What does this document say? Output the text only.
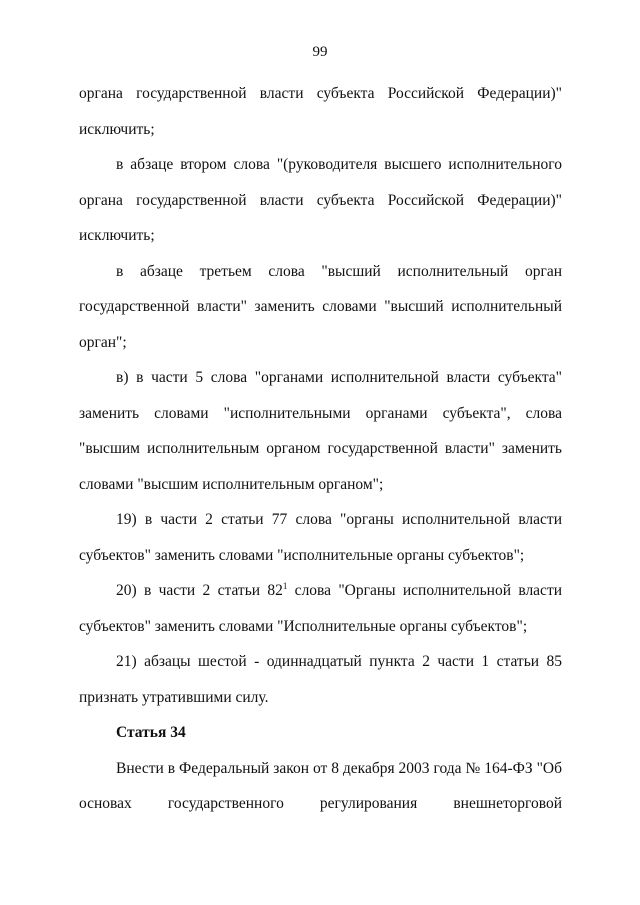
99

органа государственной власти субъекта Российской Федерации)" исключить;

в абзаце втором слова "(руководителя высшего исполнительного органа государственной власти субъекта Российской Федерации)" исключить;

в абзаце третьем слова "высший исполнительный орган государственной власти" заменить словами "высший исполнительный орган";

в) в части 5 слова "органами исполнительной власти субъекта" заменить словами "исполнительными органами субъекта", слова "высшим исполнительным органом государственной власти" заменить словами "высшим исполнительным органом";

19) в части 2 статьи 77 слова "органы исполнительной власти субъектов" заменить словами "исполнительные органы субъектов";

20) в части 2 статьи $82^1$ слова "Органы исполнительной власти субъектов" заменить словами "Исполнительные органы субъектов";

21) абзацы шестой - одиннадцатый пункта 2 части 1 статьи 85 признать утратившими силу.

Статья 34

Внести в Федеральный закон от 8 декабря 2003 года № 164-ФЗ "Об основах государственного регулирования внешнеторговой
